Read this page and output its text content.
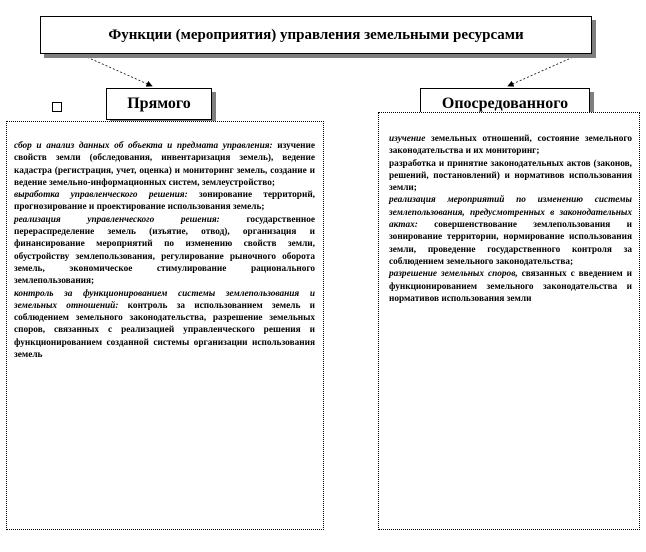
Функции (мероприятия) управления земельными ресурсами
Прямого	Опосредованного

сбор и анализ данных об объекта и предмата управления: изучение свойств земли (обследования, инвентаризация земель), ведение кадастра (регистрация, учет, оценка) и мониторинг земель, создание и ведение земельно-информационных систем, землеустройство;

выработка управленческого решения: зонирование территорий, прогнозирование и проектирование использования земель;

реализация управленческого решения: государственное перераспределение земель (изъятие, отвод), организация и финансирование мероприятий по изменению свойств земли, обустройству землепользования, регулирование рыночного оборота земель, экономическое стимулирование рационального землепользования;

контроль за функционированием системы землепользования и земельных отношений: контроль за использованием земель и соблюдением земельного законодательства, разрешение земельных споров, связанных с реализацией управленческого решения и функционированием созданной системы организации использования земель

изучение земельных отношений, состояние земельного законодательства и их мониторинг;

разработка и принятие законодательных актов (законов, решений, постановлений) и нормативов использования земли;

реализация мероприятий по изменению системы землепользования, предусмотренных в законодательных актах: совершенствование землепользования и зонирование территории, нормирование использования земли, проведение государственного контроля за соблюдением земельного законодательства;

разрешение земельных споров, связанных с введением и функционированием земельного законодательства и нормативов использования земли
